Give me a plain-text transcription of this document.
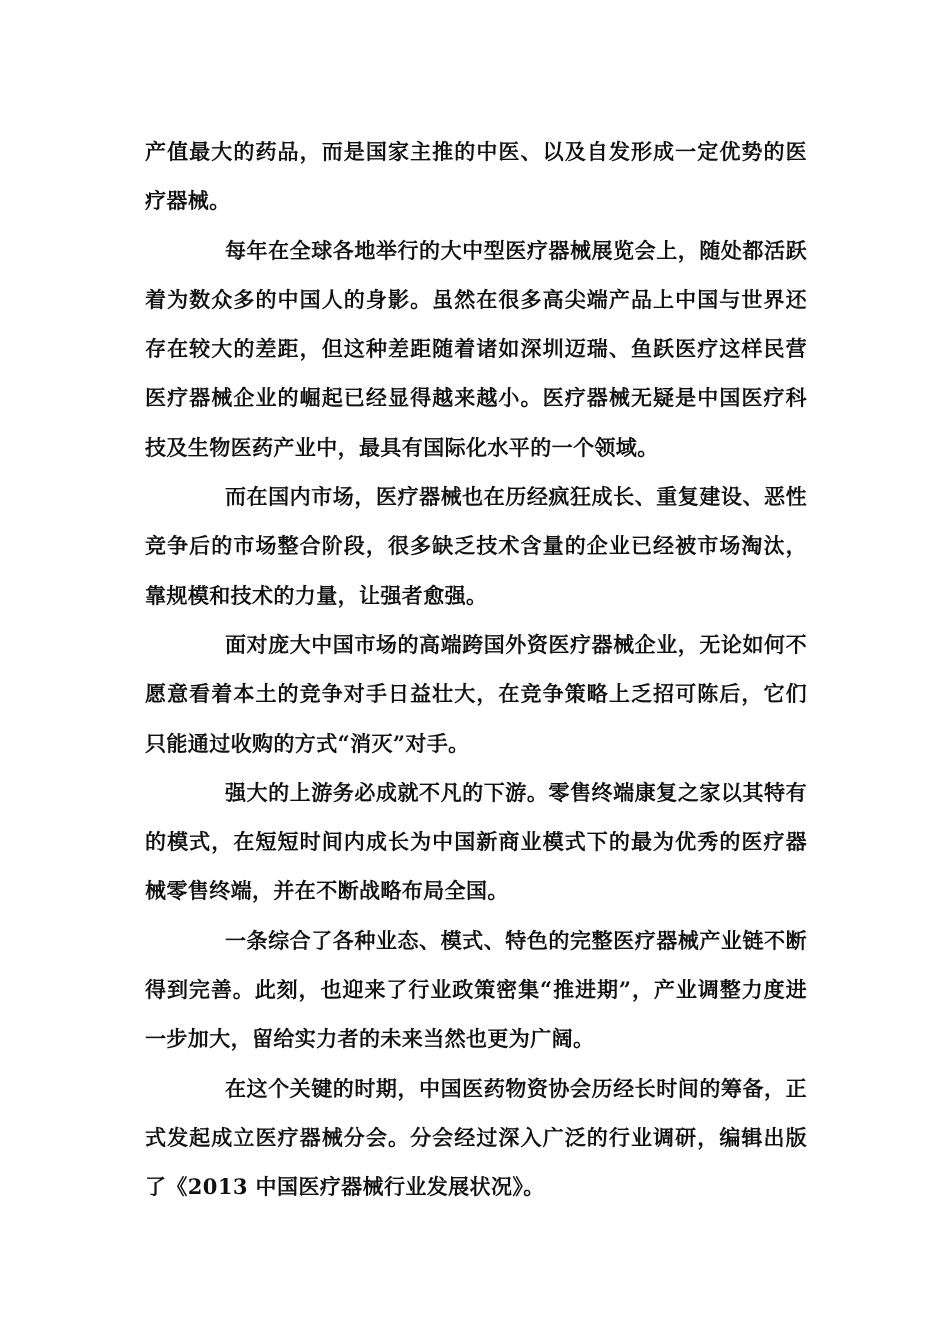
产值最大的药品，而是国家主推的中医、以及自发形成一定优势的医疗器械。

每年在全球各地举行的大中型医疗器械展览会上，随处都活跃着为数众多的中国人的身影。虽然在很多高尖端产品上中国与世界还存在较大的差距，但这种差距随着诸如深圳迈瑞、鱼跃医疗这样民营医疗器械企业的崛起已经显得越来越小。医疗器械无疑是中国医疗科技及生物医药产业中，最具有国际化水平的一个领域。

而在国内市场，医疗器械也在历经疯狂成长、重复建设、恶性竞争后的市场整合阶段，很多缺乏技术含量的企业已经被市场淘汰，靠规模和技术的力量，让强者愈强。

面对庞大中国市场的高端跨国外资医疗器械企业，无论如何不愿意看着本土的竞争对手日益壮大，在竞争策略上乏招可陈后，它们只能通过收购的方式“消灭”对手。

强大的上游务必成就不凡的下游。零售终端康复之家以其特有的模式，在短短时间内成长为中国新商业模式下的最为优秀的医疗器械零售终端，并在不断战略布局全国。

一条综合了各种业态、模式、特色的完整医疗器械产业链不断得到完善。此刻，也迎来了行业政策密集“推进期”，产业调整力度进一步加大，留给实力者的未来当然也更为广阔。

在这个关键的时期，中国医药物资协会历经长时间的筹备，正式发起成立医疗器械分会。分会经过深入广泛的行业调研，编辑出版了《2013 中国医疗器械行业发展状况》。
